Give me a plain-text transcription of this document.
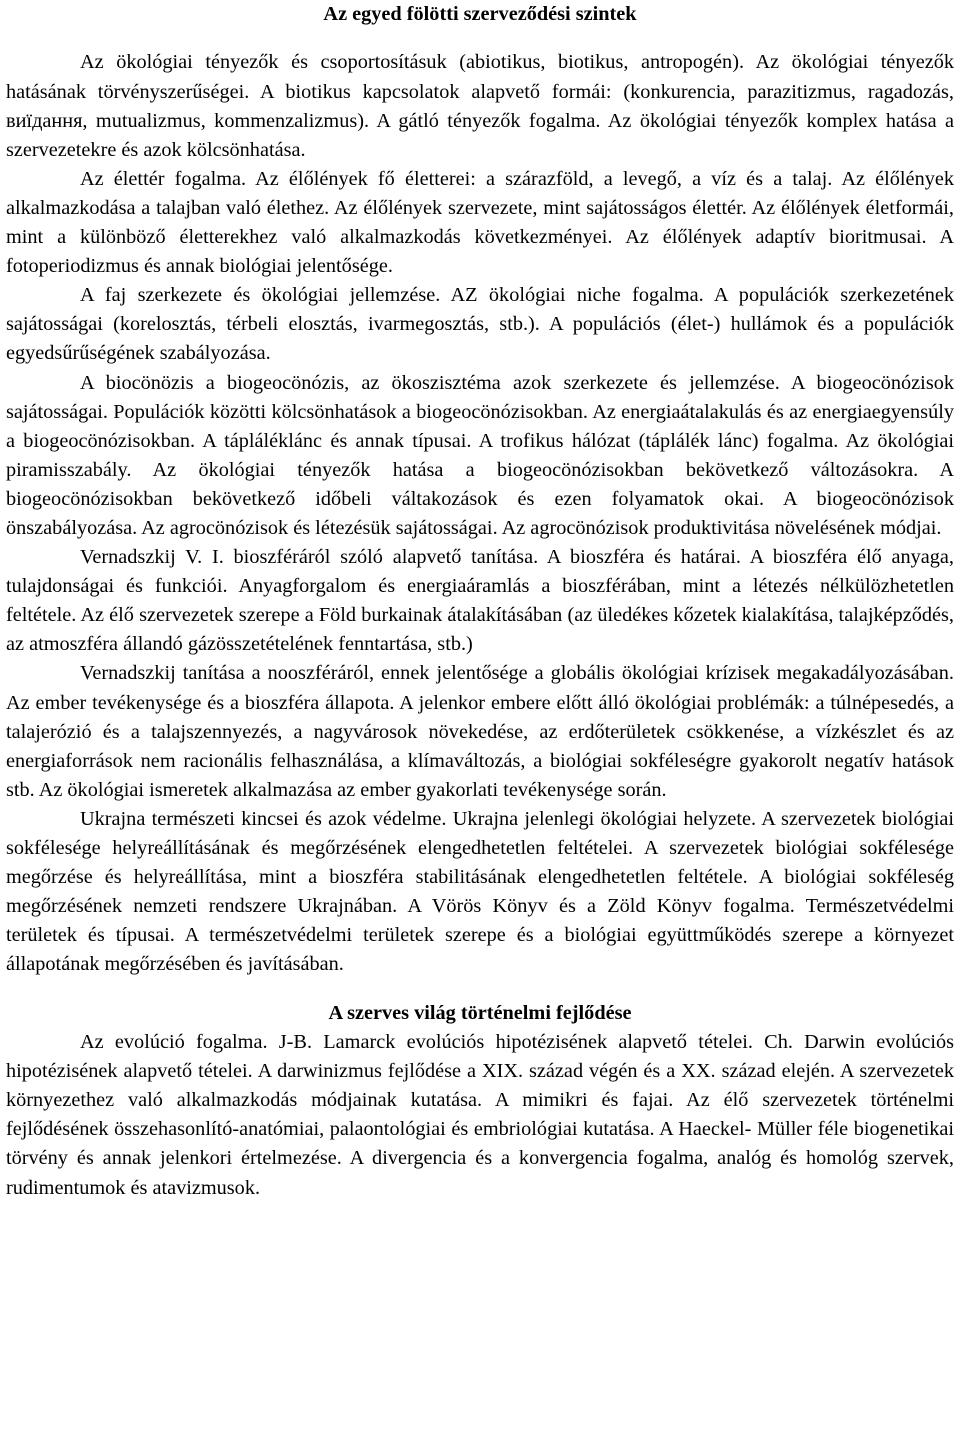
Az egyed fölötti szerveződési szintek

Az ökológiai tényezők és csoportosításuk (abiotikus, biotikus, antropogén). Az ökológiai tényezők hatásának törvényszerűségei. A biotikus kapcsolatok alapvető formái: (konkurencia, parazitizmus, ragadozás, виїдання, mutualizmus, kommenzalizmus). A gátló tényezők fogalma. Az ökológiai tényezők komplex hatása a szervezetekre és azok kölcsönhatása.

Az élettér fogalma. Az élőlények fő életterei: a szárazföld, a levegő, a víz és a talaj. Az élőlények alkalmazkodása a talajban való élethez. Az élőlények szervezete, mint sajátosságos élettér. Az élőlények életformái, mint a különböző életterekhez való alkalmazkodás következményei. Az élőlények adaptív bioritmusai. A fotoperiodizmus és annak biológiai jelentősége.

A faj szerkezete és ökológiai jellemzése. AZ ökológiai niche fogalma. A populációk szerkezetének sajátosságai (korelosztás, térbeli elosztás, ivarmegosztás, stb.). A populációs (élet-) hullámok és a populációk egyedsűrűségének szabályozása.

A biocönözis a biogeocönózis, az ökoszisztéma azok szerkezete és jellemzése. A biogeocönózisok sajátosságai. Populációk közötti kölcsönhatások a biogeocönózisokban. Az energiaátalakulás és az energiaegyensúly a biogeocönózisokban. A tápláléklánc és annak típusai. A trofikus hálózat (táplálék lánc) fogalma. Az ökológiai piramisszabály. Az ökológiai tényezők hatása a biogeocönózisokban bekövetkező változásokra. A biogeocönózisokban bekövetkező időbeli váltakozások és ezen folyamatok okai. A biogeocönózisok önszabályozása. Az agrocönózisok és létezésük sajátosságai. Az agrocönózisok produktivitása növelésének módjai.

Vernadszkij V. I. bioszféráról szóló alapvető tanítása. A bioszféra és határai. A bioszféra élő anyaga, tulajdonságai és funkciói. Anyagforgalom és energiaáramlás a bioszférában, mint a létezés nélkülözhetetlen feltétele. Az élő szervezetek szerepe a Föld burkainak átalakításában (az üledékes kőzetek kialakítása, talajképződés, az atmoszféra állandó gázösszetételének fenntartása, stb.)

Vernadszkij tanítása a nooszféráról, ennek jelentősége a globális ökológiai krízisek megakadályozásában. Az ember tevékenysége és a bioszféra állapota. A jelenkor embere előtt álló ökológiai problémák: a túlnépesedés, a talajerózió és a talajszennyezés, a nagyvárosok növekedése, az erdőterületek csökkenése, a vízkészlet és az energiaforrások nem racionális felhasználása, a klímaváltozás, a biológiai sokféleségre gyakorolt negatív hatások stb. Az ökológiai ismeretek alkalmazása az ember gyakorlati tevékenysége során.

Ukrajna természeti kincsei és azok védelme. Ukrajna jelenlegi ökológiai helyzete. A szervezetek biológiai sokfélesége helyreállításának és megőrzésének elengedhetetlen feltételei. A szervezetek biológiai sokfélesége megőrzése és helyreállítása, mint a bioszféra stabilitásának elengedhetetlen feltétele. A biológiai sokféleség megőrzésének nemzeti rendszere Ukrajnában. A Vörös Könyv és a Zöld Könyv fogalma. Természetvédelmi területek és típusai. A természetvédelmi területek szerepe és a biológiai együttműködés szerepe a környezet állapotának megőrzésében és javításában.

A szerves világ történelmi fejlődése

Az evolúció fogalma. J-B. Lamarck evolúciós hipotézisének alapvető tételei. Ch. Darwin evolúciós hipotézisének alapvető tételei. A darwinizmus fejlődése a XIX. század végén és a XX. század elején. A szervezetek környezethez való alkalmazkodás módjainak kutatása. A mimikri és fajai. Az élő szervezetek történelmi fejlődésének összehasonlító-anatómiai, palaontológiai és embriológiai kutatása. A Haeckel- Müller féle biogenetikai törvény és annak jelenkori értelmezése. A divergencia és a konvergencia fogalma, analóg és homológ szervek, rudimentumok és atavizmusok.
